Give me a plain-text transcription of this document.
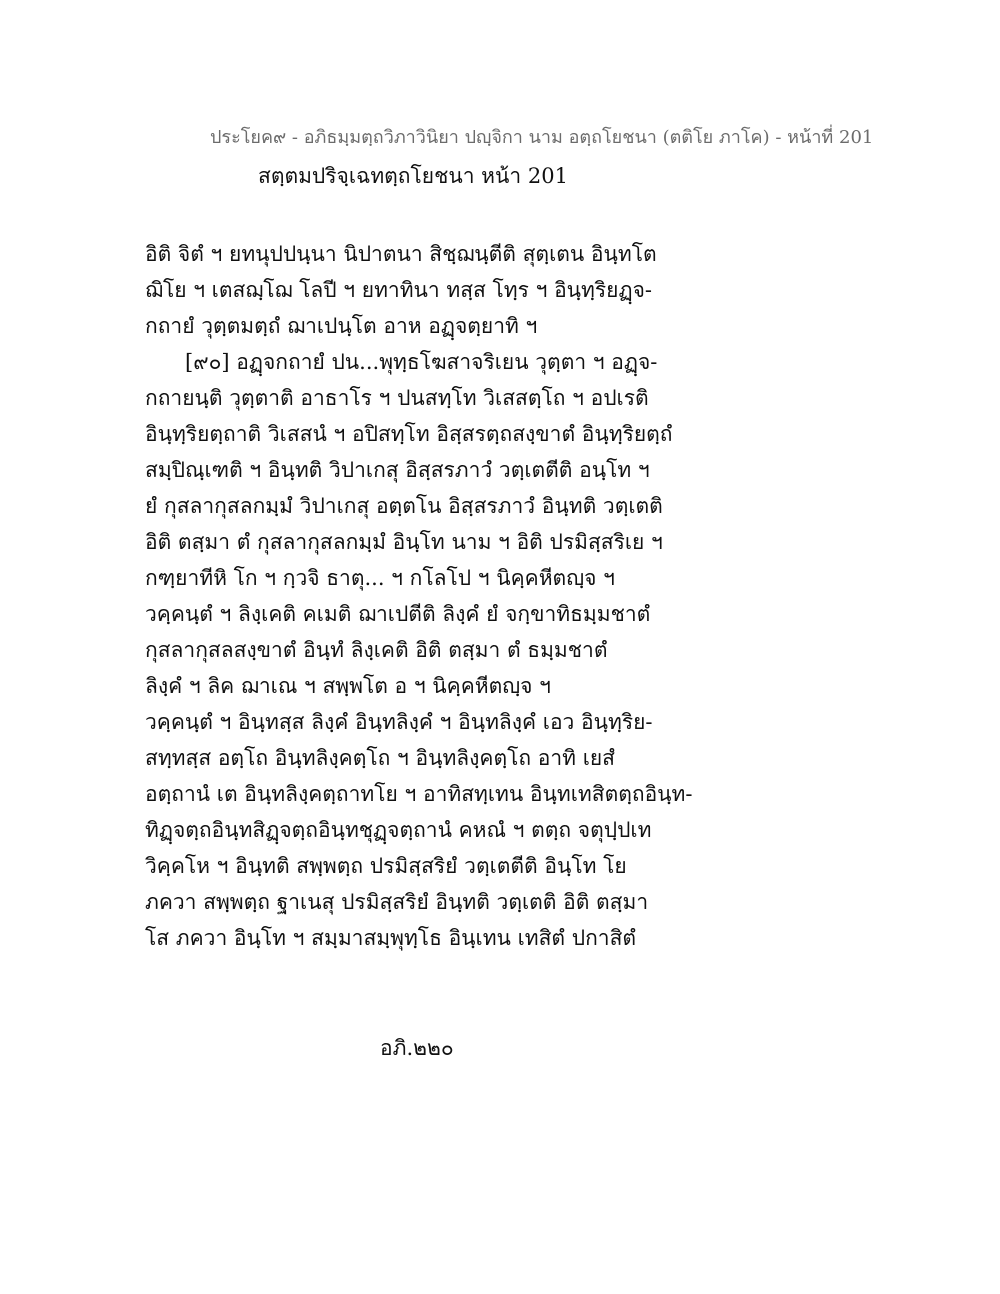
ประโยค๙ - อภิธมฺมตฺถวิภาวินิยา ปญฺจิกา นาม อตฺถโยชนา (ตติโย ภาโค) - หน้าที่ 201
สตฺตมปริจฺเฉทตฺถโยชนา หน้า 201
อิติ จิตํ ฯ ยทนุปปนฺนา นิปาตนา สิชฺฌนฺตีติ สุตฺเตน อินฺทโต
ฌิโย ฯ เตสฌฺโฌ โลปี ฯ ยทาทินา ทสฺส โทฺร ฯ อินฺทฺริยฏฺจ-
กถายํ วุตฺตมตฺถํ ฌาเปนฺโต อาห อฏฺจตฺยาทิ ฯ
[๙๐] อฏฺจกถายํ ปน...พุทฺธโฆสาจริเยน วุตฺตา ฯ อฏฺจ-
กถายนฺติ วุตฺตาติ อาธาโร ฯ ปนสทฺโท วิเสสตฺโถ ฯ อปเรติ
อินฺทฺริยตฺถาติ วิเสสนํ ฯ อปิสทฺโท อิสฺสรตฺถสงฺขาตํ อินฺทฺริยตฺถํ
สมฺปิณฺเฑติ ฯ อินฺทติ วิปาเกสุ อิสฺสรภาวํ วตฺเตตีติ อนฺโท ฯ
ยํ กุสลากุสลกมฺมํ วิปาเกสุ อตฺตโน อิสฺสรภาวํ อินฺทติ วตฺเตติ
อิติ ตสฺมา ตํ กุสลากุสลกมฺมํ อินฺโท นาม ฯ อิติ ปรมิสฺสริเย ฯ
กฑฺยาทีหิ โก ฯ กฺวจิ ธาตุ... ฯ กโลโป ฯ นิคฺคหีตญฺจ ฯ
วคฺคนฺตํ ฯ ลิงฺเคติ คเมติ ฌาเปตีติ ลิงฺคํ ยํ จกฺขาทิธมฺมชาตํ
กุสลากุสลสงฺขาตํ อินฺทํ ลิงฺเคติ อิติ ตสฺมา ตํ ธมฺมชาตํ
ลิงฺคํ ฯ ลิค ฌาเณ ฯ สพฺพโต อ ฯ นิคฺคหีตญฺจ ฯ
วคฺคนฺตํ ฯ อินฺทสฺส ลิงฺคํ อินฺทลิงฺคํ ฯ อินฺทลิงฺคํ เอว อินฺทฺริย-
สทฺทสฺส อตฺโถ อินฺทลิงฺคตฺโถ ฯ อินฺทลิงฺคตฺโถ อาทิ เยสํ
อตฺถานํ เต อินฺทลิงฺคตฺถาทโย ฯ อาทิสทฺเทน อินฺทเทสิตตฺถอินฺท-
ทิฏฺจตฺถอินฺทสิฏฺจตฺถอินฺทชุฏฺจตฺถานํ คหณํ ฯ ตตฺถ จตุปฺปเท
วิคฺคโห ฯ อินฺทติ สพฺพตฺถ ปรมิสฺสริยํ วตฺเตตีติ อินฺโท โย
ภควา สพฺพตฺถ ฐาเนสุ ปรมิสฺสริยํ อินฺทติ วตฺเตติ อิติ ตสฺมา
โส ภควา อินฺโท ฯ สมฺมาสมฺพุทฺโธ อินฺเทน เทสิตํ ปกาสิตํ
อภิ.๒๒๐
